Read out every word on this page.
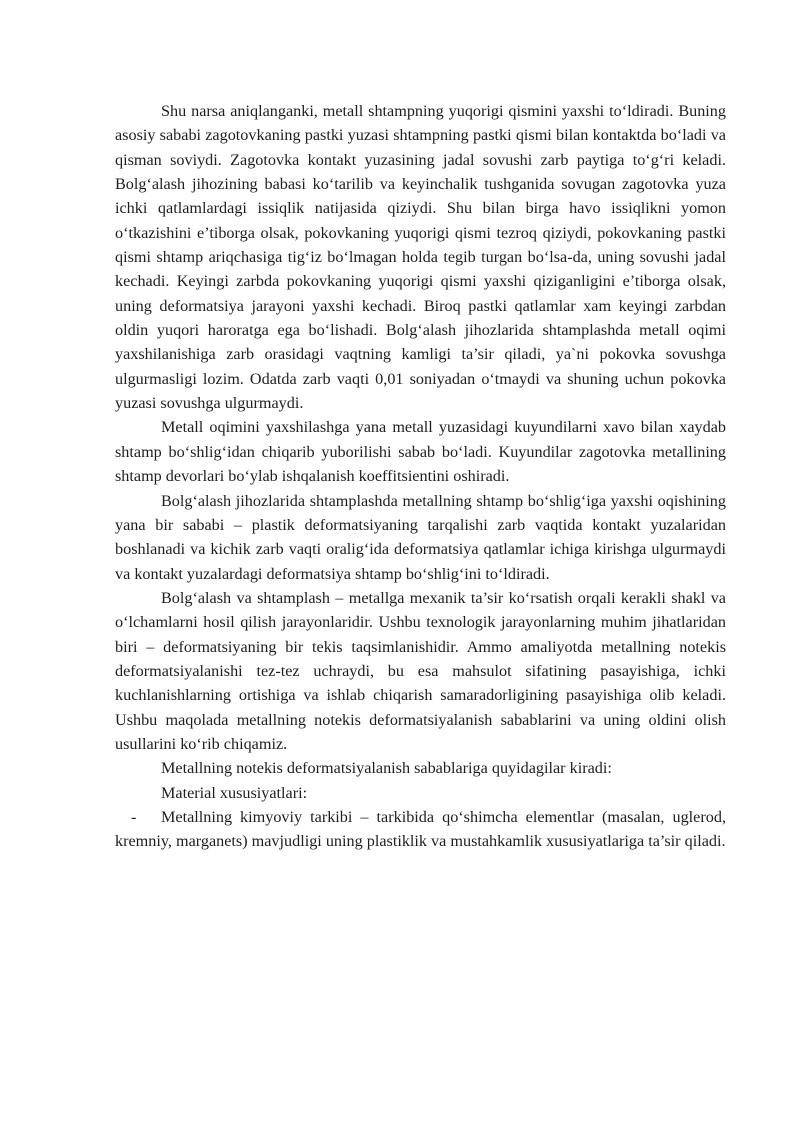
Shu narsa aniqlanganki, metall shtampning yuqorigi qismini yaxshi to‘ldiradi. Buning asosiy sababi zagotovkaning pastki yuzasi shtampning pastki qismi bilan kontaktda bo‘ladi va qisman soviydi. Zagotovka kontakt yuzasining jadal sovushi zarb paytiga to‘g‘ri keladi. Bolg‘alash jihozining babasi ko‘tarilib va keyinchalik tushganida sovugan zagotovka yuza ichki qatlamlardagi issiqlik natijasida qiziydi. Shu bilan birga havo issiqlikni yomon o‘tkazishini e’tiborga olsak, pokovkaning yuqorigi qismi tezroq qiziydi, pokovkaning pastki qismi shtamp ariqchasiga tig‘iz bo‘lmagan holda tegib turgan bo‘lsa-da, uning sovushi jadal kechadi. Keyingi zarbda pokovkaning yuqorigi qismi yaxshi qiziganligini e’tiborga olsak, uning deformatsiya jarayoni yaxshi kechadi. Biroq pastki qatlamlar xam keyingi zarbdan oldin yuqori haroratga ega bo‘lishadi. Bolg‘alash jihozlarida shtamplashda metall oqimi yaxshilanishiga zarb orasidagi vaqtning kamligi ta’sir qiladi, ya`ni pokovka sovushga ulgurmasligi lozim. Odatda zarb vaqti 0,01 soniyadan o‘tmaydi va shuning uchun pokovka yuzasi sovushga ulgurmaydi.

Metall oqimini yaxshilashga yana metall yuzasidagi kuyundilarni xavo bilan xaydab shtamp bo‘shlig‘idan chiqarib yuborilishi sabab bo‘ladi. Kuyundilar zagotovka metallining shtamp devorlari bo‘ylab ishqalanish koeffitsientini oshiradi.

Bolg‘alash jihozlarida shtamplashda metallning shtamp bo‘shlig‘iga yaxshi oqishining yana bir sababi – plastik deformatsiyaning tarqalishi zarb vaqtida kontakt yuzalaridan boshlanadi va kichik zarb vaqti oralig‘ida deformatsiya qatlamlar ichiga kirishga ulgurmaydi va kontakt yuzalardagi deformatsiya shtamp bo‘shlig‘ini to‘ldiradi.

Bolg‘alash va shtamplash – metallga mexanik ta’sir ko‘rsatish orqali kerakli shakl va o‘lchamlarni hosil qilish jarayonlaridir. Ushbu texnologik jarayonlarning muhim jihatlaridan biri – deformatsiyaning bir tekis taqsimlanishidir. Ammo amaliyotda metallning notekis deformatsiyalanishi tez-tez uchraydi, bu esa mahsulot sifatining pasayishiga, ichki kuchlanishlarning ortishiga va ishlab chiqarish samaradorligining pasayishiga olib keladi. Ushbu maqolada metallning notekis deformatsiyalanish sabablarini va uning oldini olish usullarini ko‘rib chiqamiz.

Metallning notekis deformatsiyalanish sabablariga quyidagilar kiradi:

Material xususiyatlari:

- Metallning kimyoviy tarkibi – tarkibida qo‘shimcha elementlar (masalan, uglerod, kremniy, marganets) mavjudligi uning plastiklik va mustahkamlik xususiyatlariga ta’sir qiladi.
